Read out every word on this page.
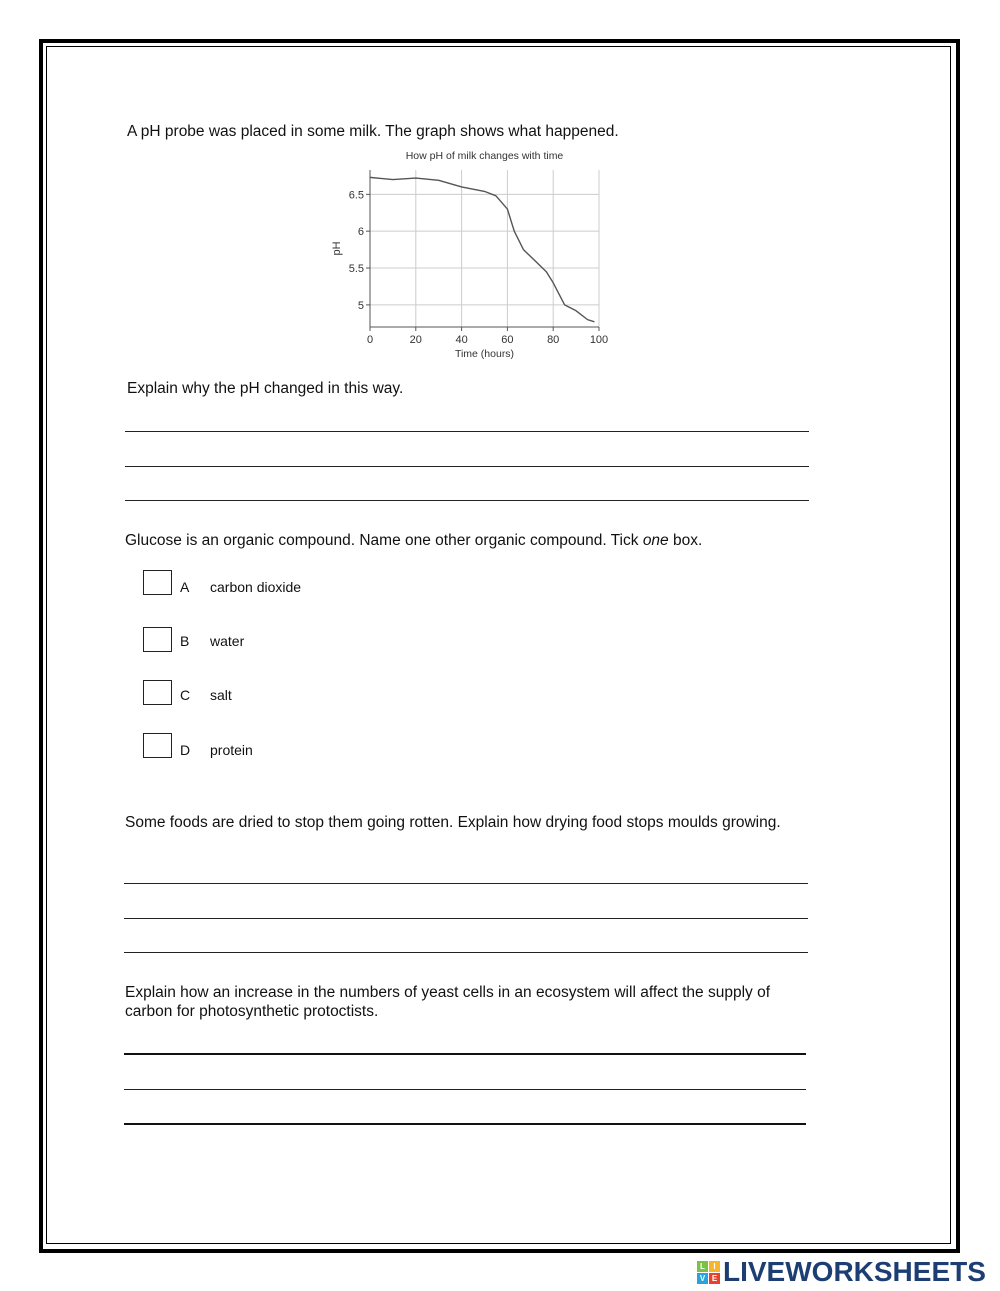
A pH probe was placed in some milk. The graph shows what happened.
How pH of milk changes with time
0	20	40	60	80	100
5
5.5
6
6.5
Time (hours)
pH
Explain why the pH changed in this way.
Glucose is an organic compound. Name one other organic compound. Tick one box.
A carbon dioxide
B water
C salt
D protein
Some foods are dried to stop them going rotten. Explain how drying food stops moulds growing.
Explain how an increase in the numbers of yeast cells in an ecosystem will affect the supply of carbon for photosynthetic protoctists.
L	I
V E LIVEWORKSHEETS
